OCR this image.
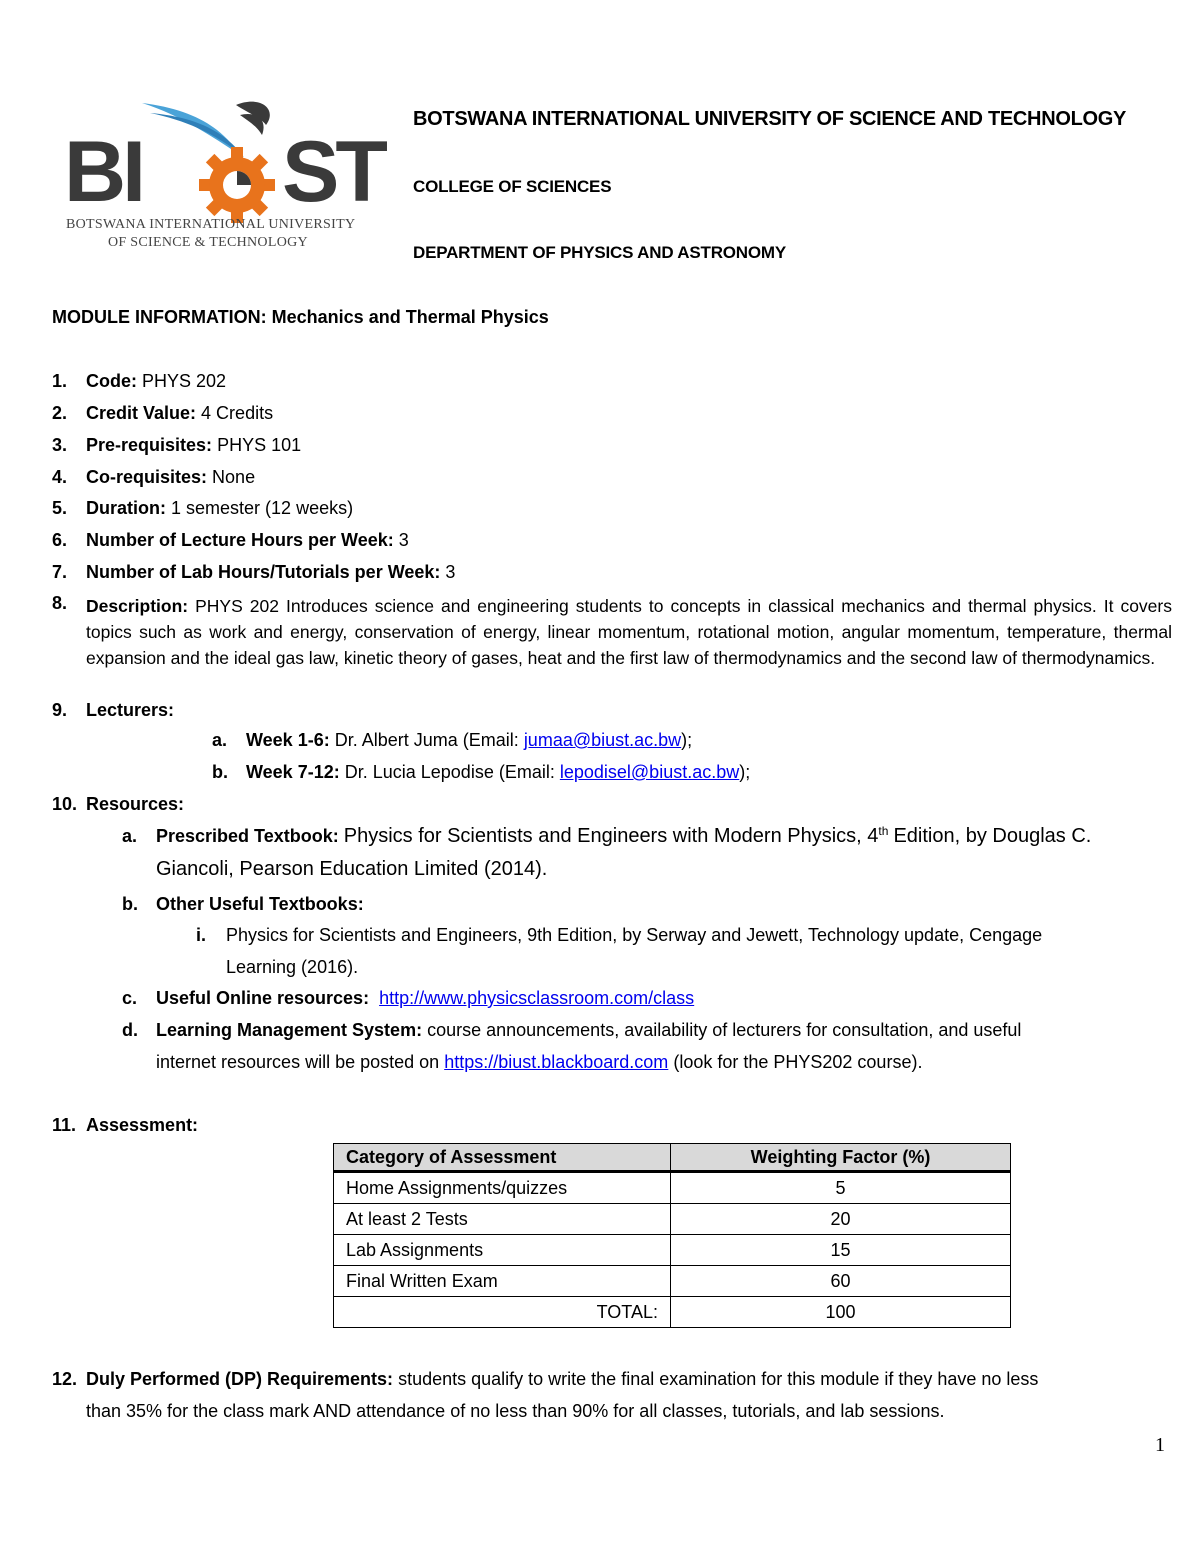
BI ST
BOTSWANA INTERNATIONAL UNIVERSITY
OF SCIENCE & TECHNOLOGY
BOTSWANA INTERNATIONAL UNIVERSITY OF SCIENCE AND TECHNOLOGY
COLLEGE OF SCIENCES
DEPARTMENT OF PHYSICS AND ASTRONOMY
MODULE INFORMATION: Mechanics and Thermal Physics
1. Code: PHYS 202
2. Credit Value: 4 Credits
3. Pre-requisites: PHYS 101
4. Co-requisites: None
5. Duration: 1 semester (12 weeks)
6. Number of Lecture Hours per Week: 3
7. Number of Lab Hours/Tutorials per Week: 3
8. Description: PHYS 202 Introduces science and engineering students to concepts in classical mechanics and thermal physics. It covers topics such as work and energy, conservation of energy, linear momentum, rotational motion, angular momentum, temperature, thermal expansion and the ideal gas law, kinetic theory of gases, heat and the first law of thermodynamics and the second law of thermodynamics.
9. Lecturers:
a. Week 1-6: Dr. Albert Juma (Email: jumaa@biust.ac.bw);
b. Week 7-12: Dr. Lucia Lepodise (Email: lepodisel@biust.ac.bw);
10. Resources:
a. Prescribed Textbook: Physics for Scientists and Engineers with Modern Physics, 4th Edition, by Douglas C.
Giancoli, Pearson Education Limited (2014).
b. Other Useful Textbooks:
i. Physics for Scientists and Engineers, 9th Edition, by Serway and Jewett, Technology update, Cengage
Learning (2016).
c. Useful Online resources: http://www.physicsclassroom.com/class
d. Learning Management System: course announcements, availability of lecturers for consultation, and useful
internet resources will be posted on https://biust.blackboard.com (look for the PHYS202 course).
11. Assessment:
Category of Assessment	Weighting Factor (%)
Home Assignments/quizzes	5
At least 2 Tests	20
Lab Assignments	15
Final Written Exam	60
TOTAL:	100
12. Duly Performed (DP) Requirements: students qualify to write the final examination for this module if they have no less
than 35% for the class mark AND attendance of no less than 90% for all classes, tutorials, and lab sessions.
1
